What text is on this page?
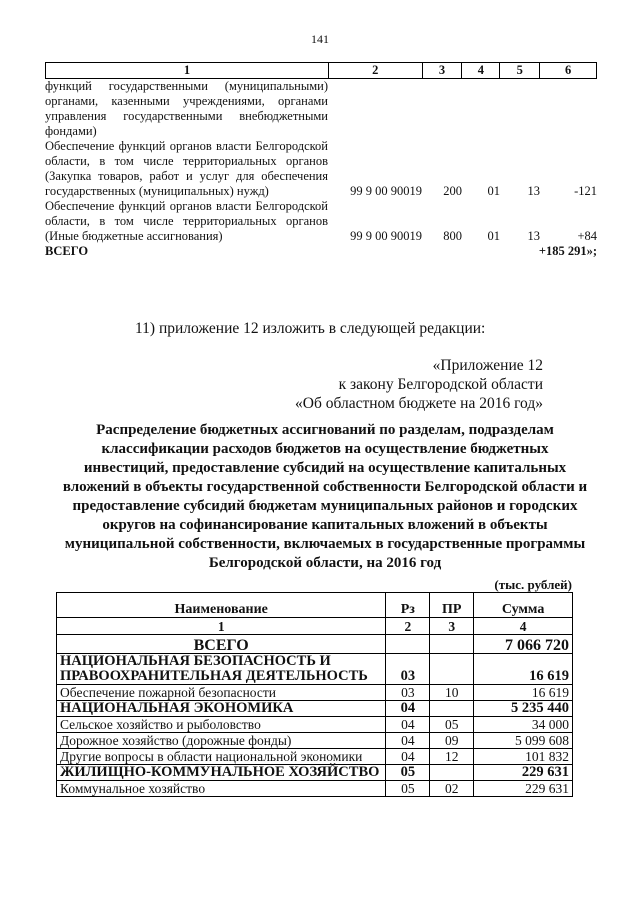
141
1	2	3	4	5	6
функций государственными (муниципальными) органами, казенными учреждениями, органами управления государственными внебюджетными фондами)
Обеспечение функций органов власти Белгородской области, в том числе территориальных органов (Закупка товаров, работ и услуг для обеспечения государственных (муниципальных) нужд)	99 9 00 90019	200	01	13	-121
Обеспечение функций органов власти Белгородской области, в том числе территориальных органов (Иные бюджетные ассигнования)	99 9 00 90019	800	01	13	+84
ВСЕГО	+185 291»;
11) приложение 12 изложить в следующей редакции:
«Приложение 12
к закону Белгородской области
«Об областном бюджете на 2016 год»
Распределение бюджетных ассигнований по разделам, подразделам классификации расходов бюджетов на осуществление бюджетных инвестиций, предоставление субсидий на осуществление капитальных вложений в объекты государственной собственности Белгородской области и предоставление субсидий бюджетам муниципальных районов и городских округов на софинансирование капитальных вложений в объекты муниципальной собственности, включаемых в государственные программы Белгородской области, на 2016 год
(тыс. рублей)
Наименование	Рз	ПР	Сумма
1	2	3	4
ВСЕГО			7 066 720
НАЦИОНАЛЬНАЯ БЕЗОПАСНОСТЬ И ПРАВООХРАНИТЕЛЬНАЯ ДЕЯТЕЛЬНОСТЬ	03		16 619
Обеспечение пожарной безопасности	03	10	16 619
НАЦИОНАЛЬНАЯ ЭКОНОМИКА	04		5 235 440
Сельское хозяйство и рыболовство	04	05	34 000
Дорожное хозяйство (дорожные фонды)	04	09	5 099 608
Другие вопросы в области национальной экономики	04	12	101 832
ЖИЛИЩНО-КОММУНАЛЬНОЕ ХОЗЯЙСТВО	05		229 631
Коммунальное хозяйство	05	02	229 631
